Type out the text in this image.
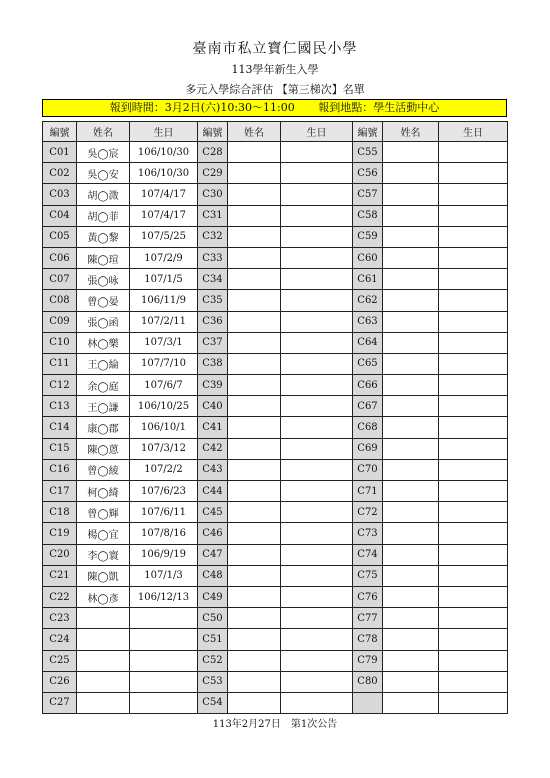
臺南市私立寶仁國民小學
113學年新生入學
多元入學綜合評估 【第三梯次】名單
報到時間：3月2日(六)10:30～11:00 報到地點：學生活動中心
編號	姓名	生日	編號	姓名	生日	編號	姓名	生日
C01	吳◯宸	106/10/30	C28			C55		
C02	吳◯安	106/10/30	C29			C56		
C03	胡◯溦	107/4/17	C30			C57		
C04	胡◯菲	107/4/17	C31			C58		
C05	黃◯黎	107/5/25	C32			C59		
C06	陳◯瑄	107/2/9	C33			C60		
C07	張◯咏	107/1/5	C34			C61		
C08	曾◯晏	106/11/9	C35			C62		
C09	張◯函	107/2/11	C36			C63		
C10	林◯樂	107/3/1	C37			C64		
C11	王◯綸	107/7/10	C38			C65		
C12	余◯庭	107/6/7	C39			C66		
C13	王◯謙	106/10/25	C40			C67		
C14	康◯郡	106/10/1	C41			C68		
C15	陳◯蒽	107/3/12	C42			C69		
C16	曾◯綾	107/2/2	C43			C70		
C17	柯◯綺	107/6/23	C44			C71		
C18	曾◯輝	107/6/11	C45			C72		
C19	楊◯宜	107/8/16	C46			C73		
C20	李◯寰	106/9/19	C47			C74		
C21	陳◯凱	107/1/3	C48			C75		
C22	林◯彥	106/12/13	C49			C76		
C23			C50			C77		
C24			C51			C78		
C25			C52			C79		
C26			C53			C80		
C27			C54					
113年2月27日　第1次公告
